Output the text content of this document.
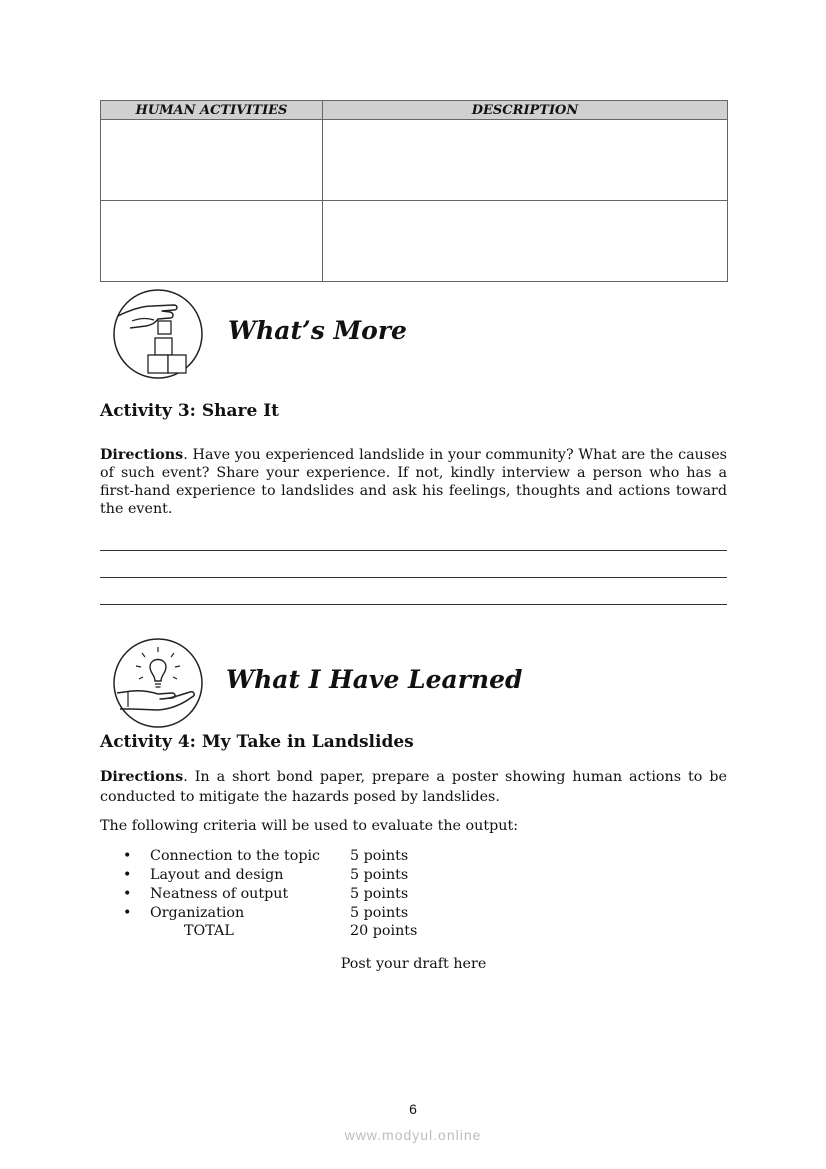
HUMAN ACTIVITIES	DESCRIPTION

What’s More
Activity 3: Share It
Directions. Have you experienced landslide in your community? What are the causes of such event? Share your experience. If not, kindly interview a person who has a first-hand experience to landslides and ask his feelings, thoughts and actions toward the event.
What I Have Learned
Activity 4: My Take in Landslides
Directions. In a short bond paper, prepare a poster showing human actions to be conducted to mitigate the hazards posed by landslides.
The following criteria will be used to evaluate the output:
• Connection to the topic 5 points
• Layout and design	5 points
• Neatness of output	5 points
• Organization	5 points
TOTAL	20 points
Post your draft here
6
www.modyul.online
